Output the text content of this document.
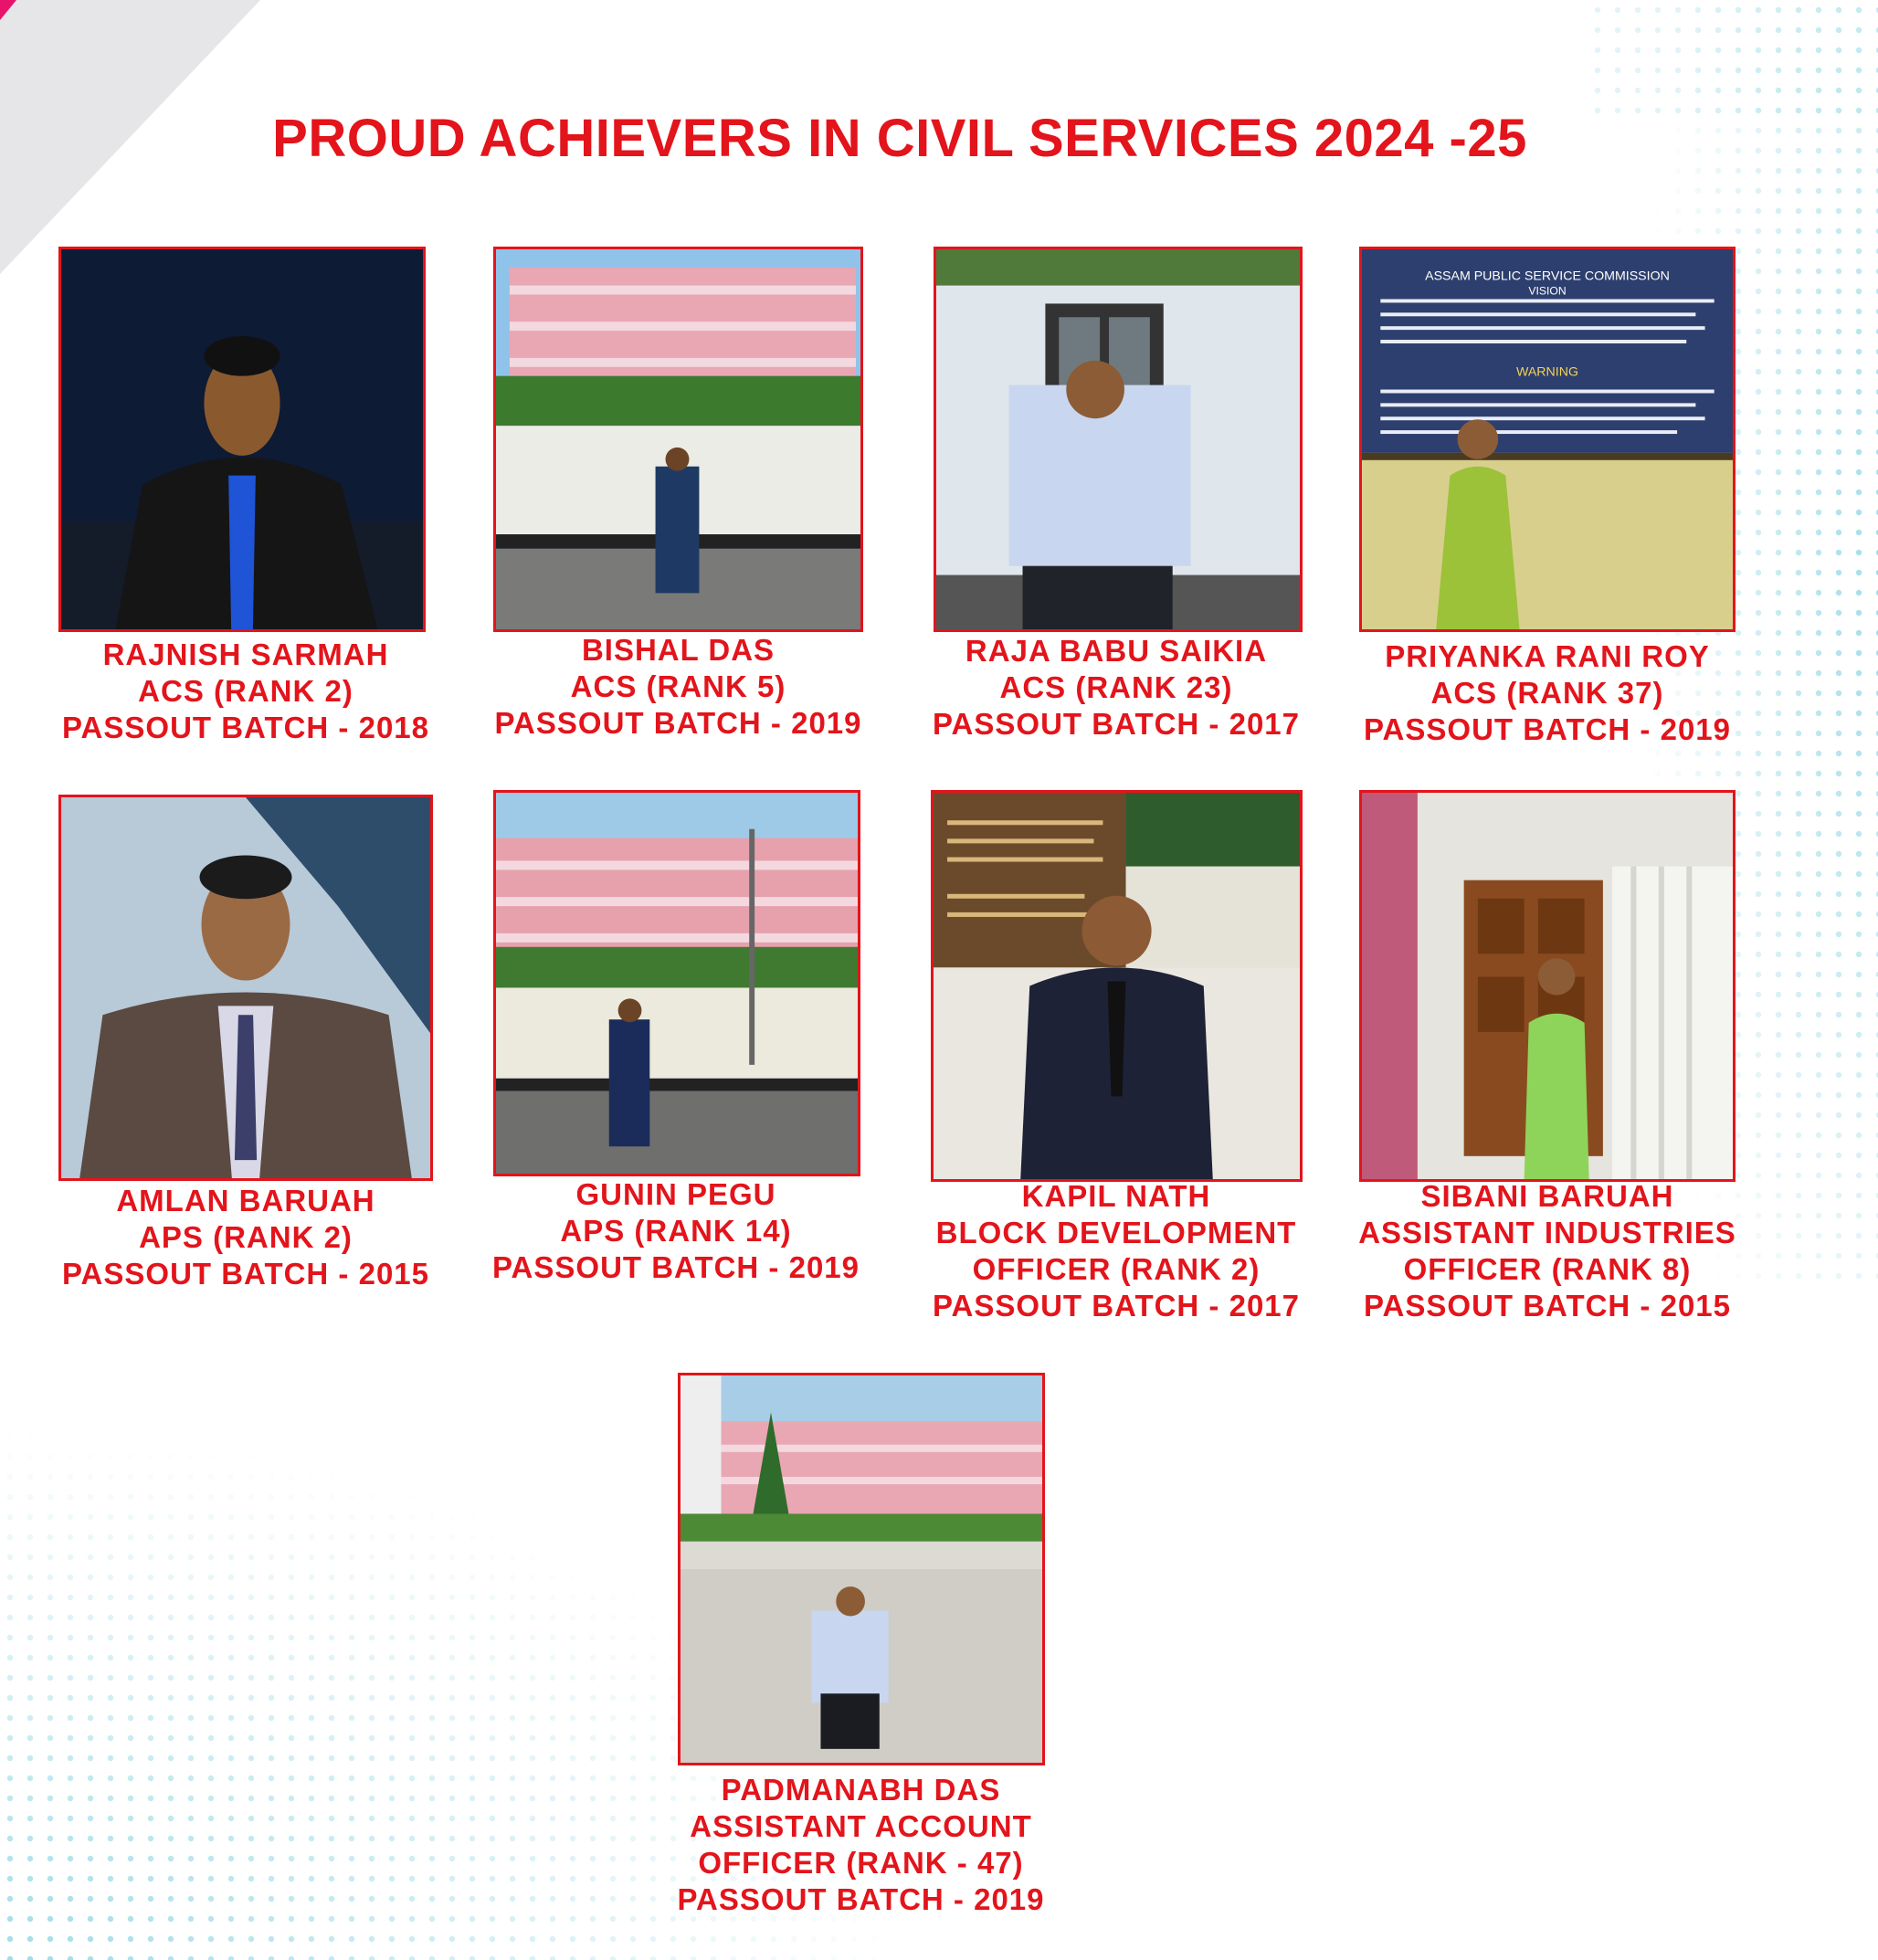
PROUD ACHIEVERS IN CIVIL SERVICES 2024 -25
RAJNISH SARMAH
ACS (RANK 2)
PASSOUT BATCH - 2018
BISHAL DAS
ACS (RANK 5)
PASSOUT BATCH - 2019
RAJA BABU SAIKIA
ACS (RANK 23)
PASSOUT BATCH - 2017
ASSAM PUBLIC SERVICE COMMISSION
VISION
WARNING
PRIYANKA RANI ROY
ACS (RANK 37)
PASSOUT BATCH - 2019
AMLAN BARUAH
APS (RANK 2)
PASSOUT BATCH - 2015
GUNIN PEGU
APS (RANK 14)
PASSOUT BATCH - 2019
KAPIL NATH
BLOCK DEVELOPMENT
OFFICER (RANK 2)
PASSOUT BATCH - 2017
SIBANI BARUAH
ASSISTANT INDUSTRIES
OFFICER (RANK 8)
PASSOUT BATCH - 2015
PADMANABH DAS
ASSISTANT ACCOUNT
OFFICER (RANK - 47)
PASSOUT BATCH - 2019
